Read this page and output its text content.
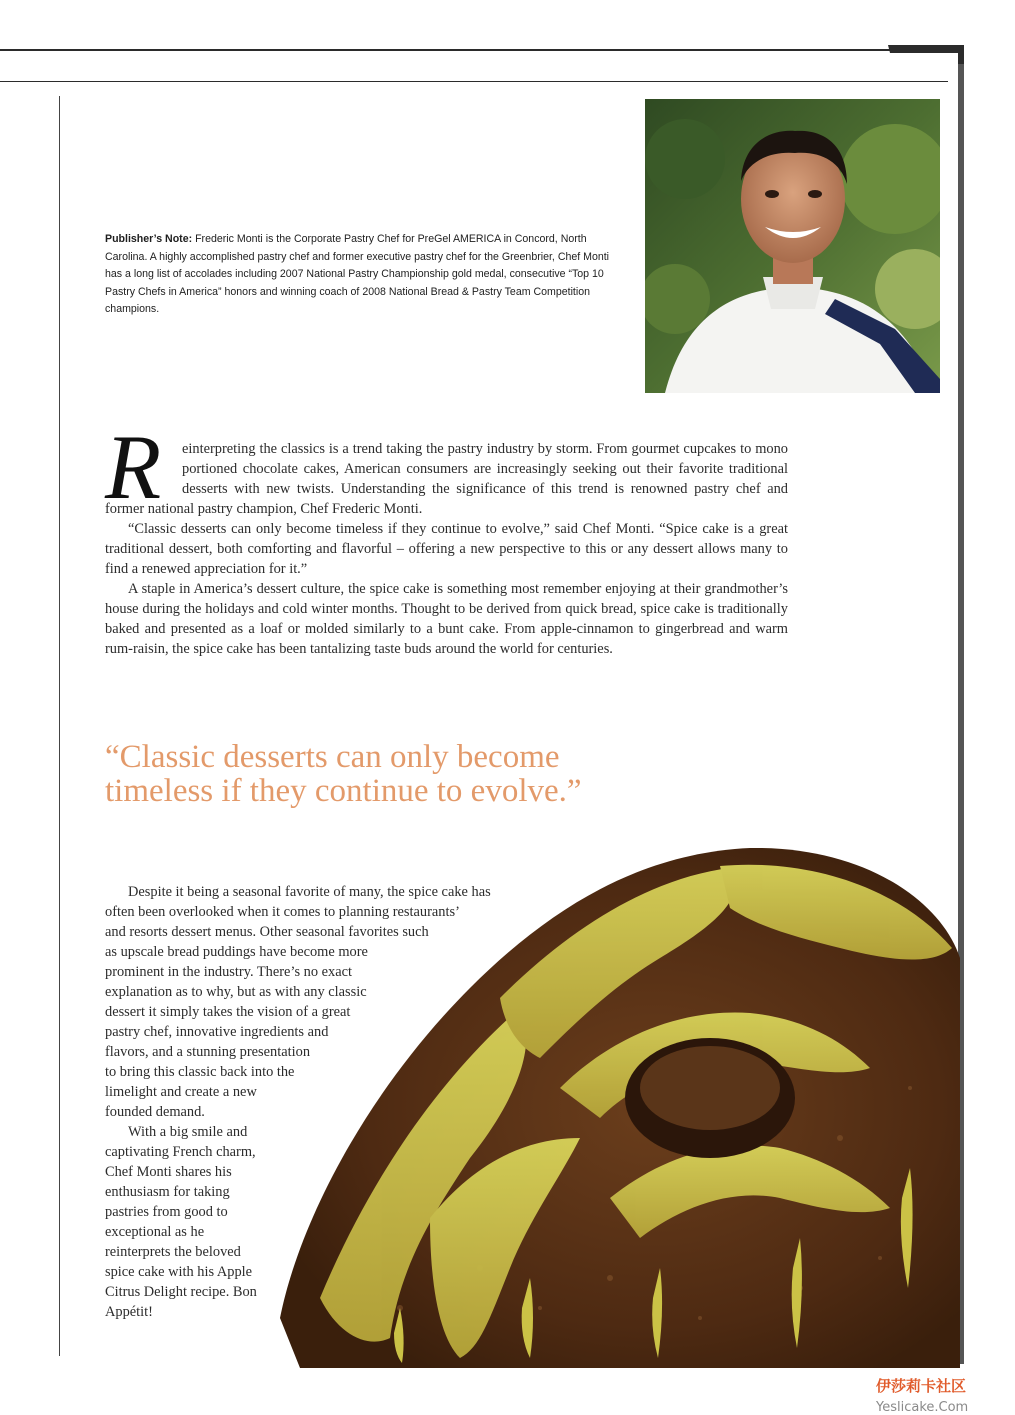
Publisher’s Note: Frederic Monti is the Corporate Pastry Chef for PreGel AMERICA in Concord, North Carolina. A highly accomplished pastry chef and former executive pastry chef for the Greenbrier, Chef Monti has a long list of accolades including 2007 National Pastry Championship gold medal, consecutive “Top 10 Pastry Chefs in America” honors and winning coach of 2008 National Bread & Pastry Team Competition champions.
R	einterpreting the classics is a trend taking the pastry industry by storm. From gourmet cupcakes to mono portioned chocolate cakes, American consumers are increasingly seeking out their favorite traditional desserts with new twists. Understanding the significance of this trend is renowned pastry chef and former national pastry champion, Chef Frederic Monti.

“Classic desserts can only become timeless if they continue to evolve,” said Chef Monti. “Spice cake is a great traditional dessert, both comforting and flavorful – offering a new perspective to this or any dessert allows many to find a renewed appreciation for it.”

A staple in America’s dessert culture, the spice cake is something most remember enjoying at their grandmother’s house during the holidays and cold winter months. Thought to be derived from quick bread, spice cake is traditionally baked and presented as a loaf or molded similarly to a bunt cake. From apple-cinnamon to gingerbread and warm rum-raisin, the spice cake has been tantalizing taste buds around the world for centuries.

“Classic desserts can only become
timeless if they continue to evolve.”
Despite it being a seasonal favorite of many, the spice cake has
often been overlooked when it comes to planning restaurants’
and resorts dessert menus. Other seasonal favorites such
as upscale bread puddings have become more
prominent in the industry. There’s no exact
explanation as to why, but as with any classic
dessert it simply takes the vision of a great
pastry chef, innovative ingredients and
flavors, and a stunning presentation
to bring this classic back into the
limelight and create a new
founded demand.
With a big smile and
captivating French charm,
Chef Monti shares his
enthusiasm for taking
pastries from good to
exceptional as he
reinterprets the beloved
spice cake with his Apple
Citrus Delight recipe. Bon
Appétit!
伊莎莉卡社区
Yeslicake.Com
